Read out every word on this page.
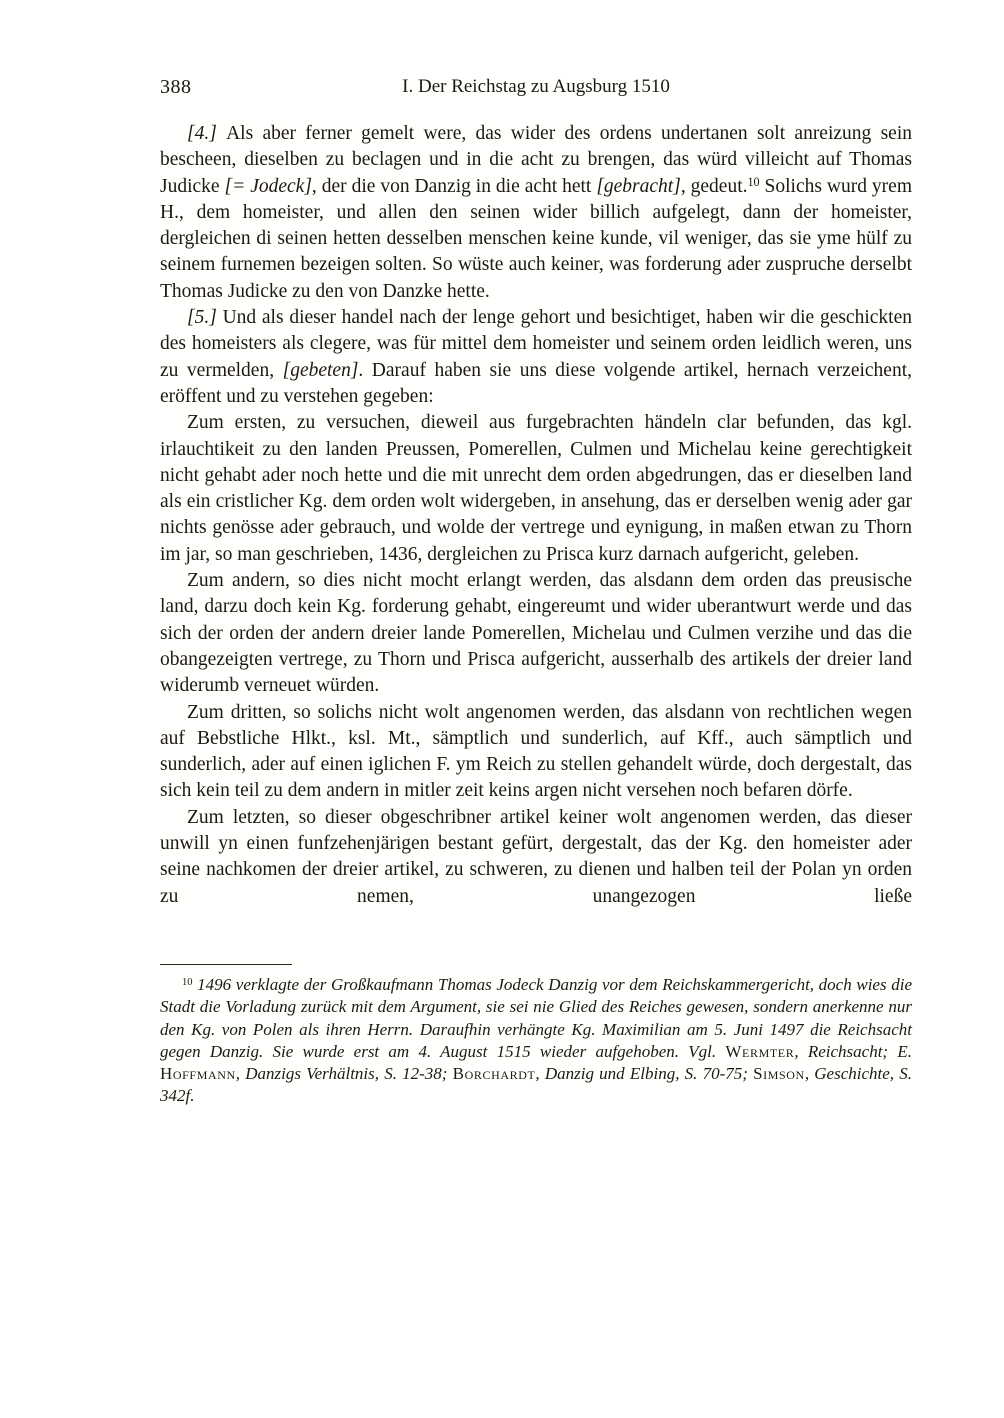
388	I. Der Reichstag zu Augsburg 1510

[4.] Als aber ferner gemelt were, das wider des ordens undertanen solt anreizung sein bescheen, dieselben zu beclagen und in die acht zu brengen, das würd villeicht auf Thomas Judicke [= Jodeck], der die von Danzig in die acht hett [gebracht], gedeut.$^{10}$ Solichs wurd yrem H., dem homeister, und allen den seinen wider billich aufgelegt, dann der homeister, dergleichen di seinen hetten desselben menschen keine kunde, vil weniger, das sie yme hülf zu seinem furnemen bezeigen solten. So wüste auch keiner, was forderung ader zuspruche derselbt Thomas Judicke zu den von Danzke hette.

[5.] Und als dieser handel nach der lenge gehort und besichtiget, haben wir die geschickten des homeisters als clegere, was für mittel dem homeister und seinem orden leidlich weren, uns zu vermelden, [gebeten]. Darauf haben sie uns diese volgende artikel, hernach verzeichent, eröffent und zu verstehen gegeben:

Zum ersten, zu versuchen, dieweil aus furgebrachten händeln clar befunden, das kgl. irlauchtikeit zu den landen Preussen, Pomerellen, Culmen und Michelau keine gerechtigkeit nicht gehabt ader noch hette und die mit unrecht dem orden abgedrungen, das er dieselben land als ein cristlicher Kg. dem orden wolt widergeben, in ansehung, das er derselben wenig ader gar nichts genösse ader gebrauch, und wolde der vertrege und eynigung, in maßen etwan zu Thorn im jar, so man geschrieben, 1436, dergleichen zu Prisca kurz darnach aufgericht, geleben.

Zum andern, so dies nicht mocht erlangt werden, das alsdann dem orden das preusische land, darzu doch kein Kg. forderung gehabt, eingereumt und wider uberantwurt werde und das sich der orden der andern dreier lande Pomerellen, Michelau und Culmen verzihe und das die obangezeigten vertrege, zu Thorn und Prisca aufgericht, ausserhalb des artikels der dreier land widerumb verneuet würden.

Zum dritten, so solichs nicht wolt angenomen werden, das alsdann von rechtlichen wegen auf Bebstliche Hlkt., ksl. Mt., sämptlich und sunderlich, auf Kff., auch sämptlich und sunderlich, ader auf einen iglichen F. ym Reich zu stellen gehandelt würde, doch dergestalt, das sich kein teil zu dem andern in mitler zeit keins argen nicht versehen noch befaren dörfe.

Zum letzten, so dieser obgeschribner artikel keiner wolt angenomen werden, das dieser unwill yn einen funfzehenjärigen bestant gefürt, dergestalt, das der Kg. den homeister ader seine nachkomen der dreier artikel, zu schweren, zu dienen und halben teil der Polan yn orden zu nemen, unangezogen ließe

$^{10}$ 1496 verklagte der Großkaufmann Thomas Jodeck Danzig vor dem Reichskammergericht, doch wies die Stadt die Vorladung zurück mit dem Argument, sie sei nie Glied des Reiches gewesen, sondern anerkenne nur den Kg. von Polen als ihren Herrn. Daraufhin verhängte Kg. Maximilian am 5. Juni 1497 die Reichsacht gegen Danzig. Sie wurde erst am 4. August 1515 wieder aufgehoben. Vgl. Wermter, Reichsacht; E. Hoffmann, Danzigs Verhältnis, S. 12-38; Borchardt, Danzig und Elbing, S. 70-75; Simson, Geschichte, S. 342f.
